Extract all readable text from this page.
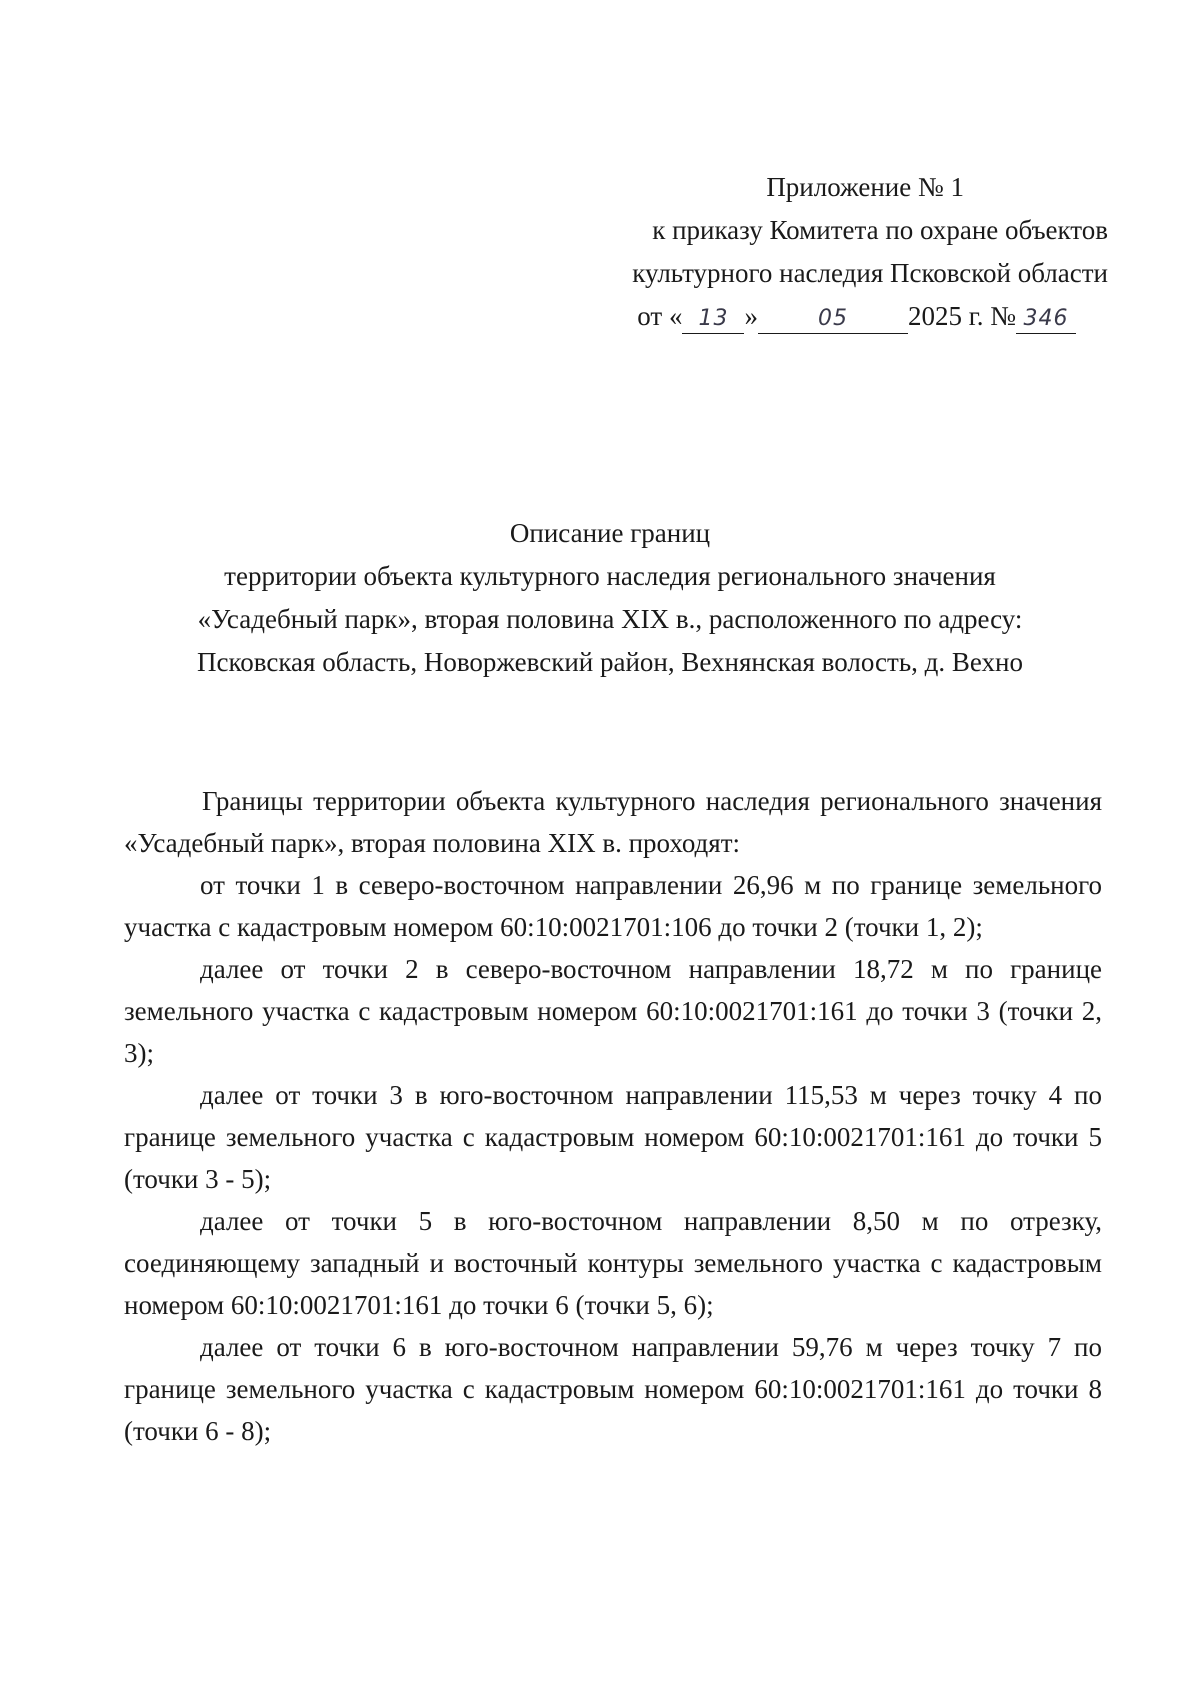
Приложение № 1
к приказу Комитета по охране объектов
культурного наследия Псковской области
от « 13 »	05	2025 г. № 346
Описание границ
территории объекта культурного наследия регионального значения
«Усадебный парк», вторая половина XIX в., расположенного по адресу:
Псковская область, Новоржевский район, Вехнянская волость, д. Вехно

Границы территории объекта культурного наследия регионального значения «Усадебный парк», вторая половина XIX в. проходят:

от точки 1 в северо-восточном направлении 26,96 м по границе земельного участка с кадастровым номером 60:10:0021701:106 до точки 2 (точки 1, 2);

далее от точки 2 в северо-восточном направлении 18,72 м по границе земельного участка с кадастровым номером 60:10:0021701:161 до точки 3 (точки 2, 3);

далее от точки 3 в юго-восточном направлении 115,53 м через точку 4 по границе земельного участка с кадастровым номером 60:10:0021701:161 до точки 5 (точки 3 - 5);

далее от точки 5 в юго-восточном направлении 8,50 м по отрезку, соединяющему западный и восточный контуры земельного участка с кадастровым номером 60:10:0021701:161 до точки 6 (точки 5, 6);

далее от точки 6 в юго-восточном направлении 59,76 м через точку 7 по границе земельного участка с кадастровым номером 60:10:0021701:161 до точки 8 (точки 6 - 8);
